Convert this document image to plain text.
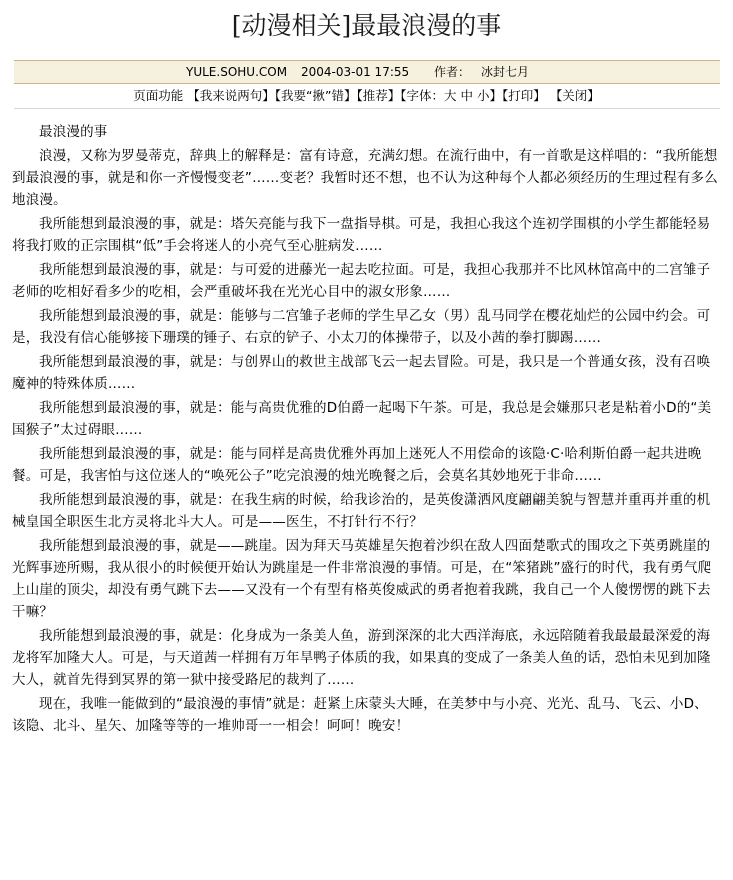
[动漫相关]最最浪漫的事
YULE.SOHU.COM 2004-03-01 17:55 作者： 冰封七月
页面功能 【我来说两句】【我要“揪”错】【推荐】【字体：大 中 小】【打印】 【关闭】

最浪漫的事

浪漫，又称为罗曼蒂克，辞典上的解释是：富有诗意，充满幻想。在流行曲中，有一首歌是这样唱的：“我所能想到最浪漫的事，就是和你一齐慢慢变老”……变老？我暂时还不想，也不认为这种每个人都必须经历的生理过程有多么地浪漫。

我所能想到最浪漫的事，就是：塔矢亮能与我下一盘指导棋。可是，我担心我这个连初学围棋的小学生都能轻易将我打败的正宗围棋“低”手会将迷人的小亮气至心脏病发……

我所能想到最浪漫的事，就是：与可爱的进藤光一起去吃拉面。可是，我担心我那并不比风林馆高中的二宫雏子老师的吃相好看多少的吃相，会严重破坏我在光光心目中的淑女形象……

我所能想到最浪漫的事，就是：能够与二宫雏子老师的学生早乙女（男）乱马同学在樱花灿烂的公园中约会。可是，我没有信心能够接下珊璞的锤子、右京的铲子、小太刀的体操带子，以及小茜的拳打脚踢……

我所能想到最浪漫的事，就是：与创界山的救世主战部飞云一起去冒险。可是，我只是一个普通女孩，没有召唤魔神的特殊体质……

我所能想到最浪漫的事，就是：能与高贵优雅的D伯爵一起喝下午茶。可是，我总是会嫌那只老是粘着小D的“美国猴子”太过碍眼……

我所能想到最浪漫的事，就是：能与同样是高贵优雅外再加上迷死人不用偿命的该隐·C·哈利斯伯爵一起共进晚餐。可是，我害怕与这位迷人的“唤死公子”吃完浪漫的烛光晚餐之后，会莫名其妙地死于非命……

我所能想到最浪漫的事，就是：在我生病的时候，给我诊治的，是英俊潇洒风度翩翩美貌与智慧并重再并重的机械皇国全职医生北方灵将北斗大人。可是——医生，不打针行不行？

我所能想到最浪漫的事，就是——跳崖。因为拜天马英雄星矢抱着沙织在敌人四面楚歌式的围攻之下英勇跳崖的光辉事迹所赐，我从很小的时候便开始认为跳崖是一件非常浪漫的事情。可是，在“笨猪跳”盛行的时代，我有勇气爬上山崖的顶尖，却没有勇气跳下去——又没有一个有型有格英俊威武的勇者抱着我跳，我自己一个人傻愣愣的跳下去干嘛？

我所能想到最浪漫的事，就是：化身成为一条美人鱼，游到深深的北大西洋海底，永远陪随着我最最最深爱的海龙将军加隆大人。可是，与天道茜一样拥有万年旱鸭子体质的我，如果真的变成了一条美人鱼的话，恐怕未见到加隆大人，就首先得到冥界的第一狱中接受路尼的裁判了……

现在，我唯一能做到的“最浪漫的事情”就是：赶紧上床蒙头大睡，在美梦中与小亮、光光、乱马、飞云、小D、该隐、北斗、星矢、加隆等等的一堆帅哥一一相会！呵呵！晚安！
